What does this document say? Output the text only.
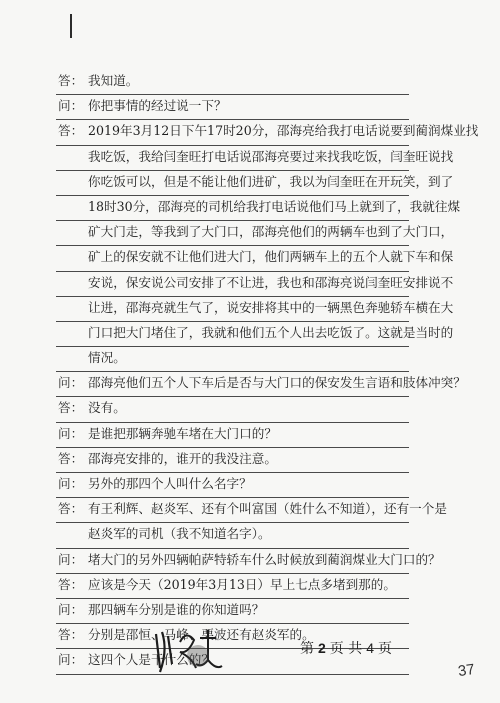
答： 我知道。
问： 你把事情的经过说一下？
答： 2019年3月12日下午17时20分，邵海亮给我打电话说要到蔺润煤业找
我吃饭，我给闫奎旺打电话说邵海亮要过来找我吃饭，闫奎旺说找
你吃饭可以，但是不能让他们进矿，我以为闫奎旺在开玩笑，到了
18时30分，邵海亮的司机给我打电话说他们马上就到了，我就往煤
矿大门走，等我到了大门口，邵海亮他们的两辆车也到了大门口，
矿上的保安就不让他们进大门，他们两辆车上的五个人就下车和保
安说，保安说公司安排了不让进，我也和邵海亮说闫奎旺安排说不
让进，邵海亮就生气了，说安排将其中的一辆黑色奔驰轿车横在大
门口把大门堵住了，我就和他们五个人出去吃饭了。这就是当时的
情况。
问： 邵海亮他们五个人下车后是否与大门口的保安发生言语和肢体冲突？
答： 没有。
问： 是谁把那辆奔驰车堵在大门口的？
答： 邵海亮安排的，谁开的我没注意。
问： 另外的那四个人叫什么名字？
答： 有王利辉、赵炎军、还有个叫富国（姓什么不知道），还有一个是
赵炎军的司机（我不知道名字）。
问： 堵大门的另外四辆帕萨特轿车什么时候放到蔺润煤业大门口的？
答： 应该是今天（2019年3月13日）早上七点多堵到那的。
问： 那四辆车分别是谁的你知道吗？
答： 分别是邵恒、马峰、栗波还有赵炎军的。
问： 这四个人是干什么的？
第 2 页 共 4 页
37
